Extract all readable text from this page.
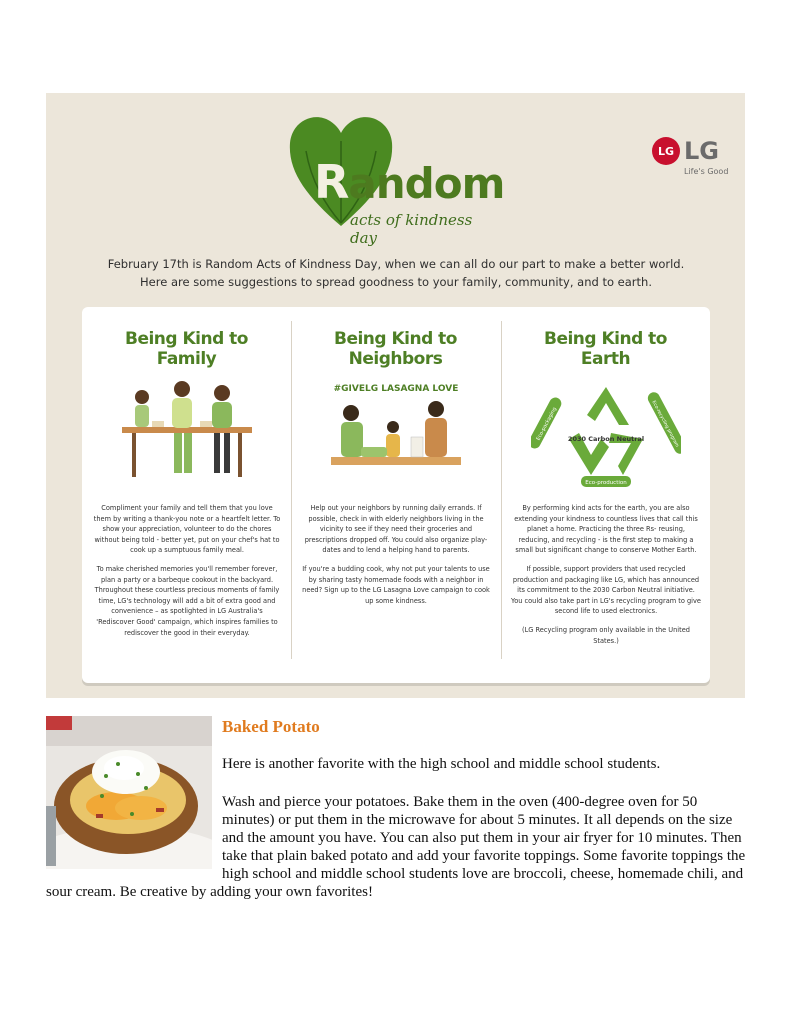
Random
acts of kindness day
LG LG
Life's Good
February 17th is Random Acts of Kindness Day, when we can all do our part to make a better world.
Here are some suggestions to spread goodness to your family, community, and to earth.
Being Kind to
Family

Compliment your family and tell them that you love them by writing a thank-you note or a heartfelt letter. To show your appreciation, volunteer to do the chores without being told - better yet, put on your chef's hat to cook up a sumptuous family meal.

To make cherished memories you'll remember forever, plan a party or a barbeque cookout in the backyard. Throughout these courtless precious moments of family time, LG's technology will add a bit of extra good and convenience – as spotlighted in LG Australia's 'Rediscover Good' campaign, which inspires families to rediscover the good in their everyday.

Being Kind to
Neighbors
#GIVELG LASAGNA LOVE

Help out your neighbors by running daily errands. If possible, check in with elderly neighbors living in the vicinity to see if they need their groceries and prescriptions dropped off. You could also organize play-dates and to lend a helping hand to parents.

If you're a budding cook, why not put your talents to use by sharing tasty homemade foods with a neighbor in need? Sign up to the LG Lasagna Love campaign to cook up some kindness.

Being Kind to
Earth
2030 Carbon Neutral
Eco-packaging	Eco-recycling program
Eco-production

By performing kind acts for the earth, you are also extending your kindness to countless lives that call this planet a home. Practicing the three Rs- reusing, reducing, and recycling - is the first step to making a small but significant change to conserve Mother Earth.

If possible, support providers that used recycled production and packaging like LG, which has announced its commitment to the 2030 Carbon Neutral initiative. You could also take part in LG's recycling program to give second life to used electronics.

(LG Recycling program only available in the United States.)

Baked Potato
Here is another favorite with the high school and middle school students.
Wash and pierce your potatoes. Bake them in the oven (400-degree oven for 50 minutes) or put them in the microwave for about 5 minutes. It all depends on the size and the amount you have. You can also put them in your air fryer for 10 minutes. Then take that plain baked potato and add your favorite toppings. Some favorite toppings the high school and middle school students love are broccoli, cheese, homemade chili, and sour cream. Be creative by adding your own favorites!
